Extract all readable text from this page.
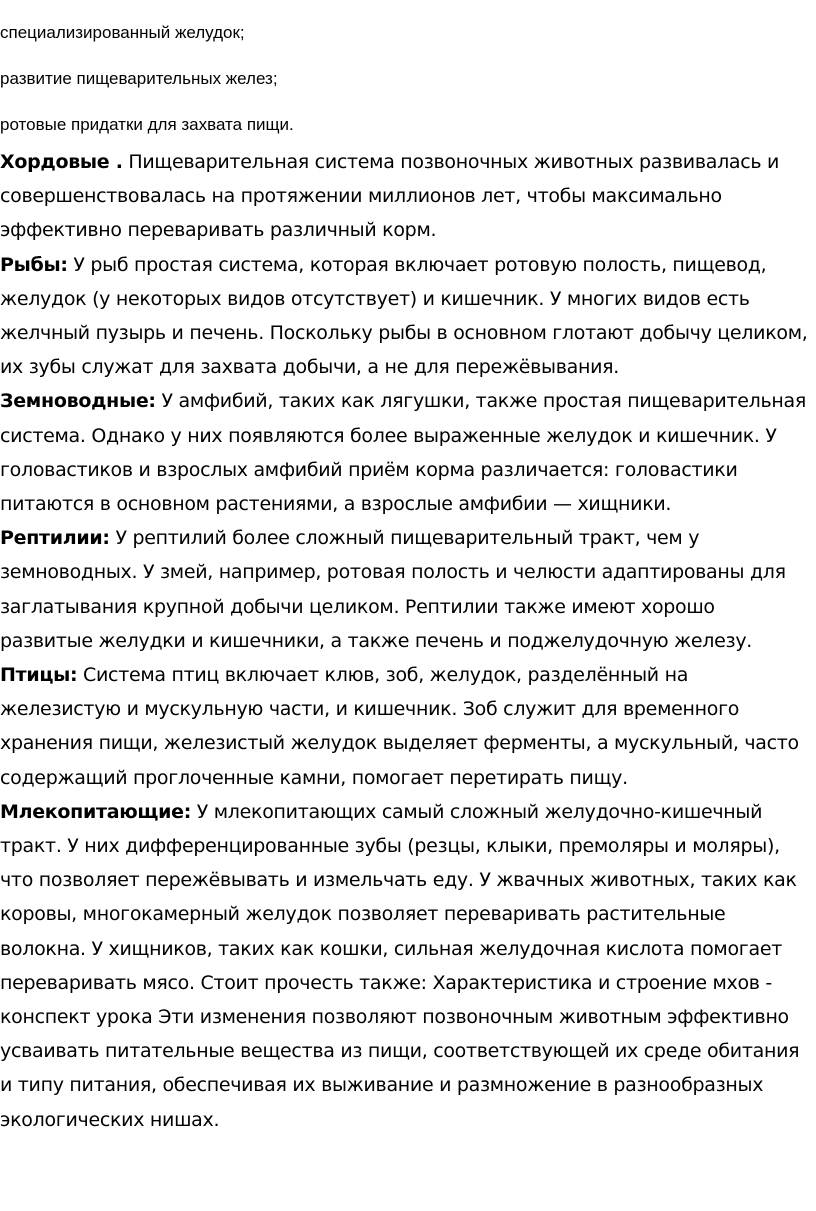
специализированный желудок;
развитие пищеварительных желез;
ротовые придатки для захвата пищи.

Хордовые . Пищеварительная система позвоночных животных развивалась и совершенствовалась на протяжении миллионов лет, чтобы максимально эффективно переваривать различный корм.

Рыбы: У рыб простая система, которая включает ротовую полость, пищевод, желудок (у некоторых видов отсутствует) и кишечник. У многих видов есть желчный пузырь и печень. Поскольку рыбы в основном глотают добычу целиком, их зубы служат для захвата добычи, а не для пережёвывания.

Земноводные: У амфибий, таких как лягушки, также простая пищеварительная система. Однако у них появляются более выраженные желудок и кишечник. У головастиков и взрослых амфибий приём корма различается: головастики питаются в основном растениями, а взрослые амфибии — хищники.

Рептилии: У рептилий более сложный пищеварительный тракт, чем у земноводных. У змей, например, ротовая полость и челюсти адаптированы для заглатывания крупной добычи целиком. Рептилии также имеют хорошо развитые желудки и кишечники, а также печень и поджелудочную железу.

Птицы: Система птиц включает клюв, зоб, желудок, разделённый на железистую и мускульную части, и кишечник. Зоб служит для временного хранения пищи, железистый желудок выделяет ферменты, а мускульный, часто содержащий проглоченные камни, помогает перетирать пищу.

Млекопитающие: У млекопитающих самый сложный желудочно-кишечный тракт. У них дифференцированные зубы (резцы, клыки, премоляры и моляры), что позволяет пережёвывать и измельчать еду. У жвачных животных, таких как коровы, многокамерный желудок позволяет переваривать растительные волокна. У хищников, таких как кошки, сильная желудочная кислота помогает переваривать мясо. Стоит прочесть также: Характеристика и строение мхов - конспект урока Эти изменения позволяют позвоночным животным эффективно усваивать питательные вещества из пищи, соответствующей их среде обитания и типу питания, обеспечивая их выживание и размножение в разнообразных экологических нишах.
